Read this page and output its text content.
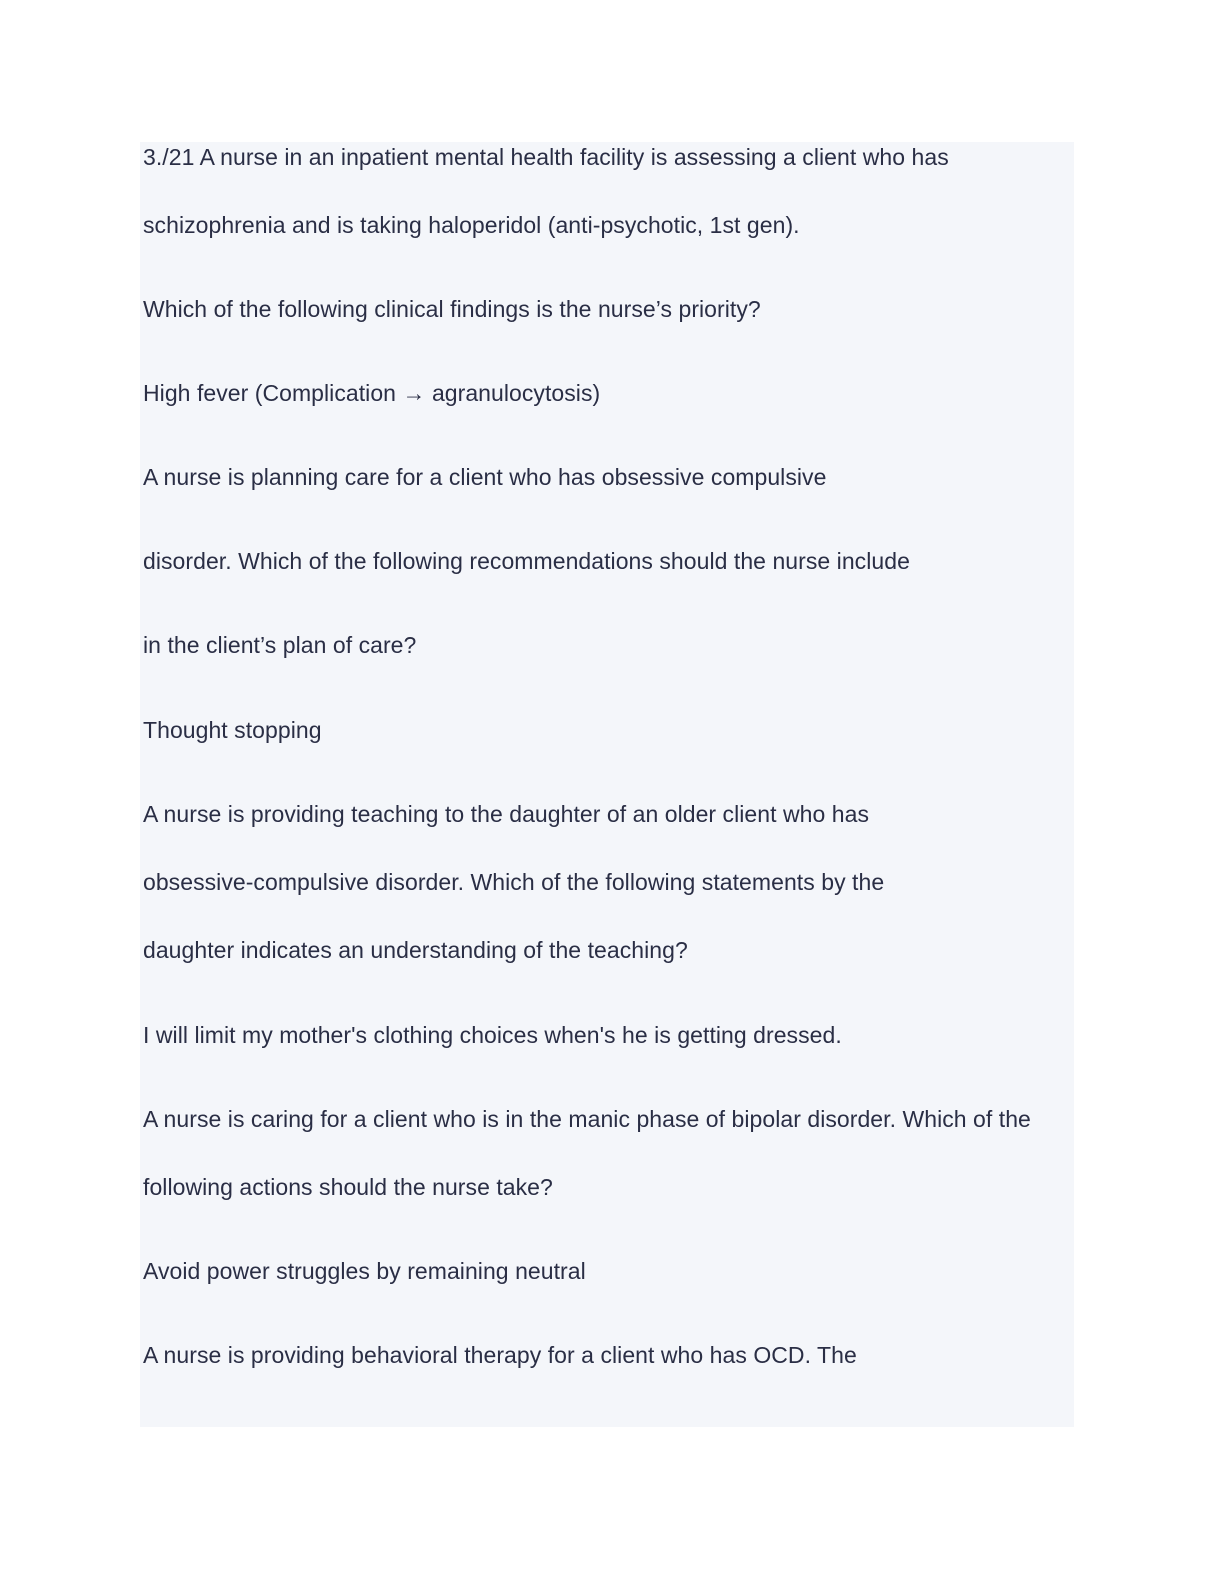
3./21 A nurse in an inpatient mental health facility is assessing a client who has

schizophrenia and is taking haloperidol (anti-psychotic, 1st gen).

Which of the following clinical findings is the nurse’s priority?

High fever (Complication → agranulocytosis)

A nurse is planning care for a client who has obsessive compulsive

disorder. Which of the following recommendations should the nurse include

in the client’s plan of care?

Thought stopping

A nurse is providing teaching to the daughter of an older client who has

obsessive-compulsive disorder. Which of the following statements by the

daughter indicates an understanding of the teaching?

I will limit my mother's clothing choices when's he is getting dressed.

A nurse is caring for a client who is in the manic phase of bipolar disorder. Which of the

following actions should the nurse take?

Avoid power struggles by remaining neutral

A nurse is providing behavioral therapy for a client who has OCD. The
